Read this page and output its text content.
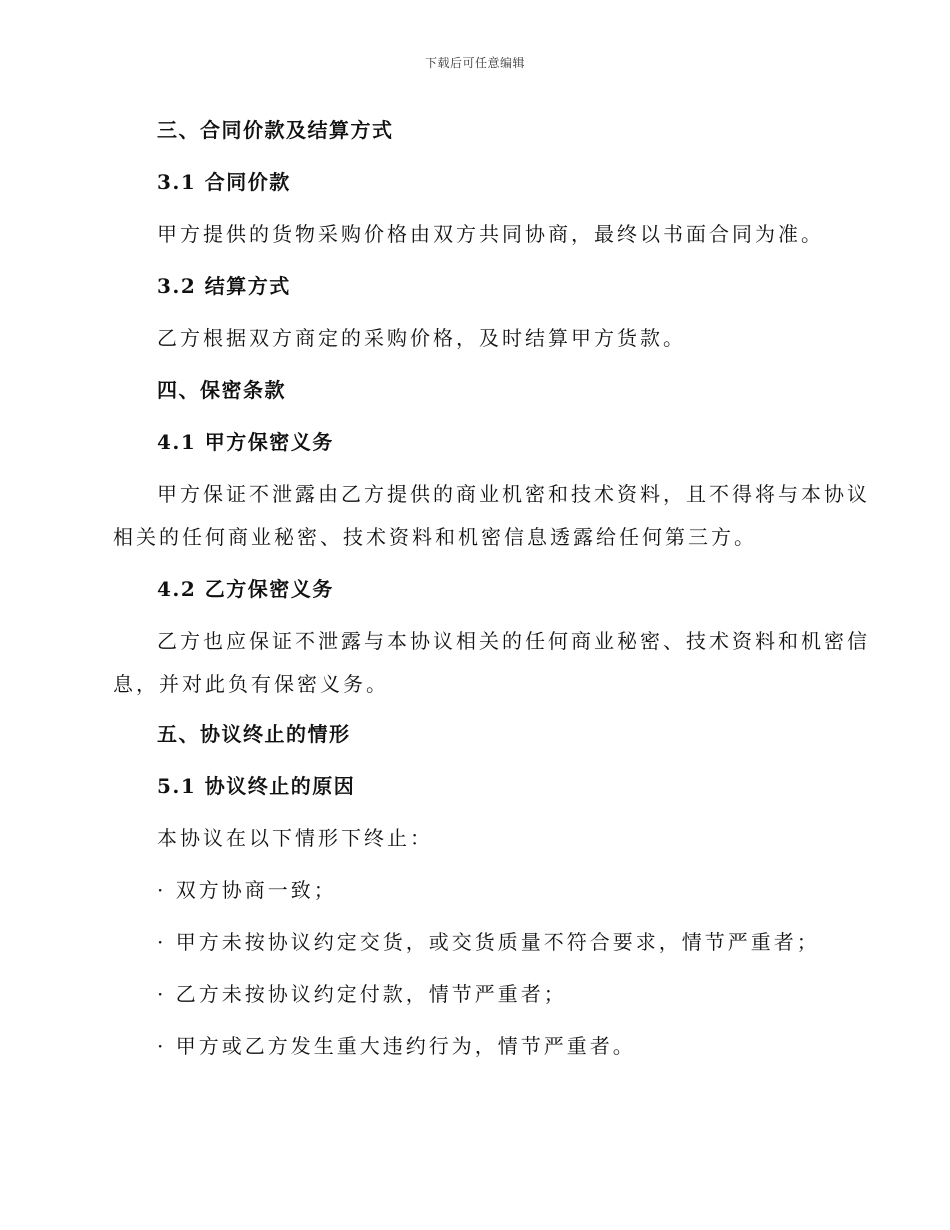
下载后可任意编辑
三、合同价款及结算方式
3.1 合同价款
甲方提供的货物采购价格由双方共同协商，最终以书面合同为准。
3.2 结算方式
乙方根据双方商定的采购价格，及时结算甲方货款。
四、保密条款
4.1 甲方保密义务
甲方保证不泄露由乙方提供的商业机密和技术资料，且不得将与本协议
相关的任何商业秘密、技术资料和机密信息透露给任何第三方。
4.2 乙方保密义务
乙方也应保证不泄露与本协议相关的任何商业秘密、技术资料和机密信
息，并对此负有保密义务。
五、协议终止的情形
5.1 协议终止的原因
本协议在以下情形下终止：
· 双方协商一致；
· 甲方未按协议约定交货，或交货质量不符合要求，情节严重者；
· 乙方未按协议约定付款，情节严重者；
· 甲方或乙方发生重大违约行为，情节严重者。
